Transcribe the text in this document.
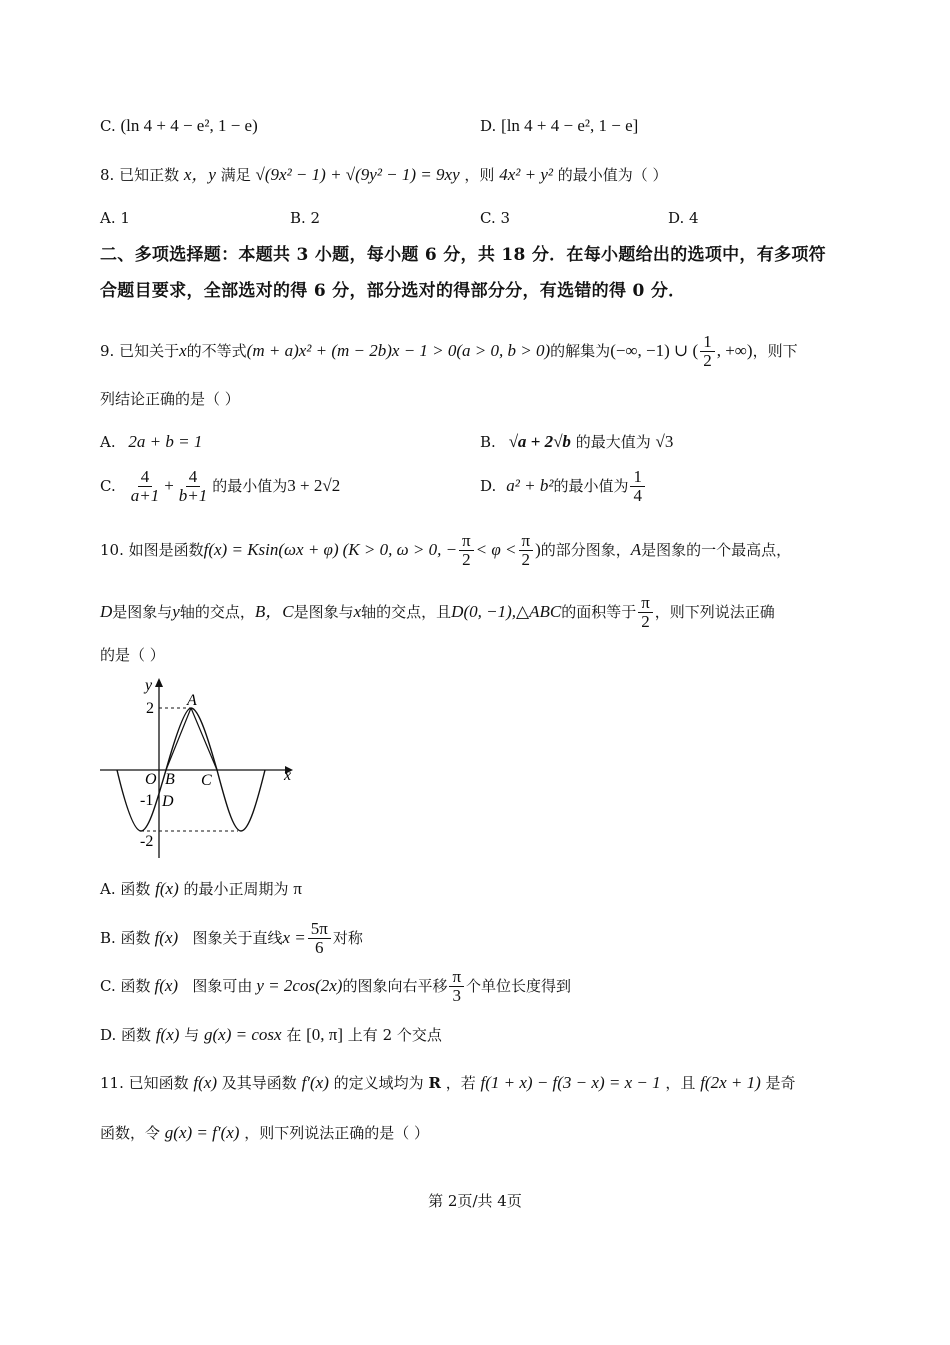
C. (ln 4 + 4 − e², 1 − e)	D. [ln 4 + 4 − e², 1 − e]
8. 已知正数 x，y 满足 √(9x² − 1) + √(9y² − 1) = 9xy ，则 4x² + y² 的最小值为（ ）
A. 1	B. 2	C. 3	D. 4
二、多项选择题：本题共 3 小题，每小题 6 分，共 18 分．在每小题给出的选项中，有多项符
合题目要求，全部选对的得 6 分，部分选对的得部分分，有选错的得 0 分．
9. 已知关于 x 的不等式 (m + a)x² + (m − 2b)x − 1 > 0(a > 0, b > 0) 的解集为 (−∞, −1) ∪ ( $\frac{1}{2}$ , +∞) ，则下
列结论正确的是（ ）
A. 2a + b = 1	B. √a + 2√b 的最大值为 √3
C. $\frac{4}{a+1} + \frac{4}{b+1}$ 的最小值为 3 + 2√2	D. a² + b² 的最小值为 $\frac{1}{4}$
10. 如图是函数 f(x) = Ksin(ωx + φ) (K > 0, ω > 0, − $\frac{\pi}{2} < \varphi < \frac{\pi}{2}$ ) 的部分图象， A 是图象的一个最高点，
D 是图象与 y 轴的交点， B，C 是图象与 x 轴的交点，且 D(0, −1) ,△ABC 的面积等于 $\frac{\pi}{2}$ ，则下列说法正确
的是（ ）
y
x
A
O B C
D
2
-1
-2
A. 函数 f(x) 的最小正周期为 π
B. 函数 f(x) 图象关于直线 $x = \frac{5\pi}{6}$ 对称
C. 函数 f(x) 图象可由 y = 2cos(2x) 的图象向右平移 $\frac{\pi}{3}$ 个单位长度得到
D. 函数 f(x) 与 g(x) = cosx 在 [0, π] 上有 2 个交点
11. 已知函数 f(x) 及其导函数 f′(x) 的定义域均为 R ，若 f(1 + x) − f(3 − x) = x − 1 ，且 f(2x + 1) 是奇
函数，令 g(x) = f′(x) ，则下列说法正确的是（ ）
第 2页/共 4页
